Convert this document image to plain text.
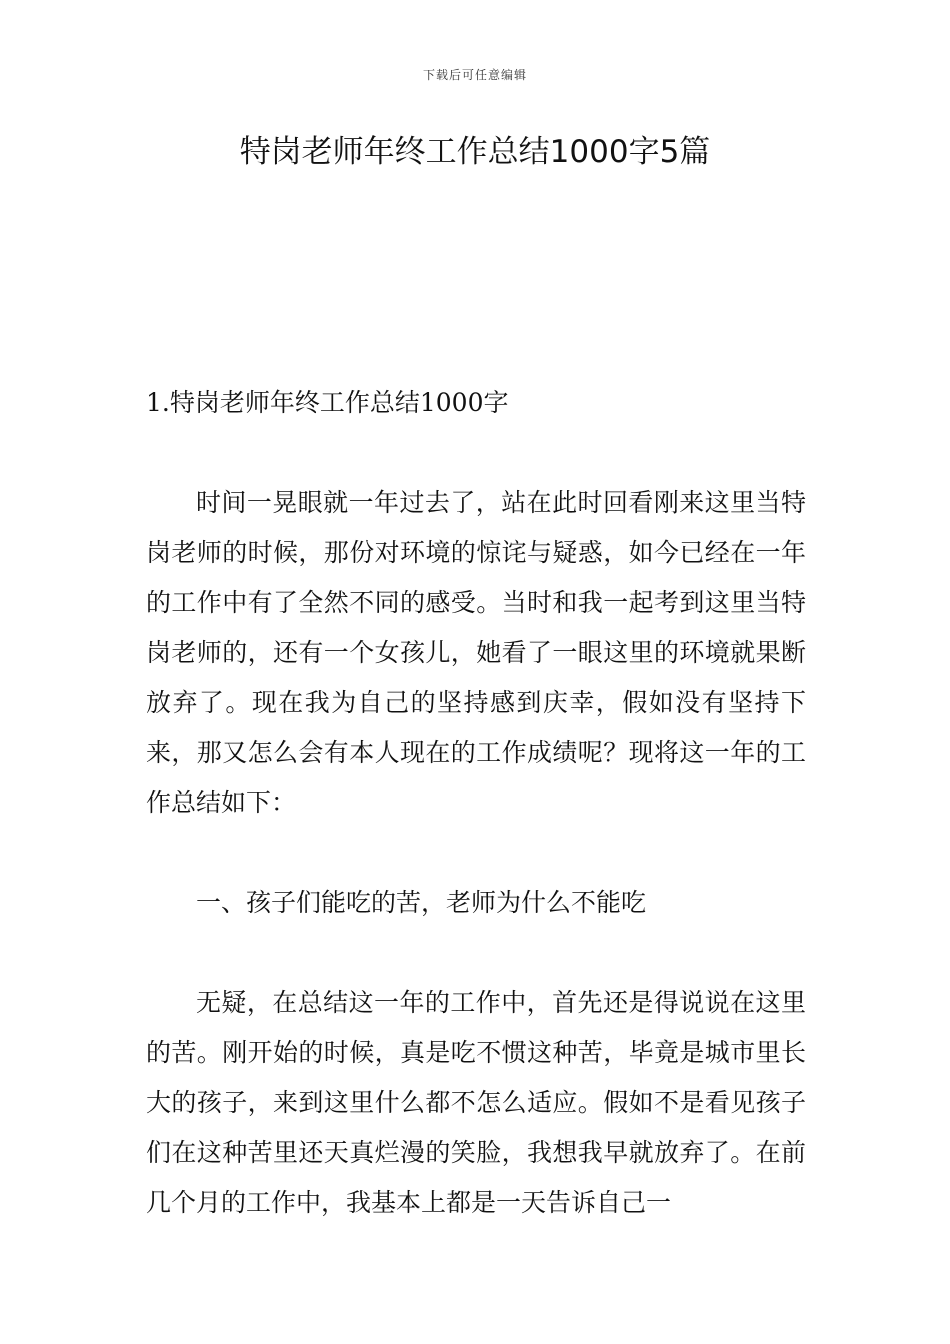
下载后可任意编辑
特岗老师年终工作总结1000字5篇

1.特岗老师年终工作总结1000字

时间一晃眼就一年过去了，站在此时回看刚来这里当特岗老师的时候，那份对环境的惊诧与疑惑，如今已经在一年的工作中有了全然不同的感受。当时和我一起考到这里当特岗老师的，还有一个女孩儿，她看了一眼这里的环境就果断放弃了。现在我为自己的坚持感到庆幸，假如没有坚持下来，那又怎么会有本人现在的工作成绩呢？现将这一年的工作总结如下：

一、孩子们能吃的苦，老师为什么不能吃

无疑，在总结这一年的工作中，首先还是得说说在这里的苦。刚开始的时候，真是吃不惯这种苦，毕竟是城市里长大的孩子，来到这里什么都不怎么适应。假如不是看见孩子们在这种苦里还天真烂漫的笑脸，我想我早就放弃了。在前几个月的工作中，我基本上都是一天告诉自己一
